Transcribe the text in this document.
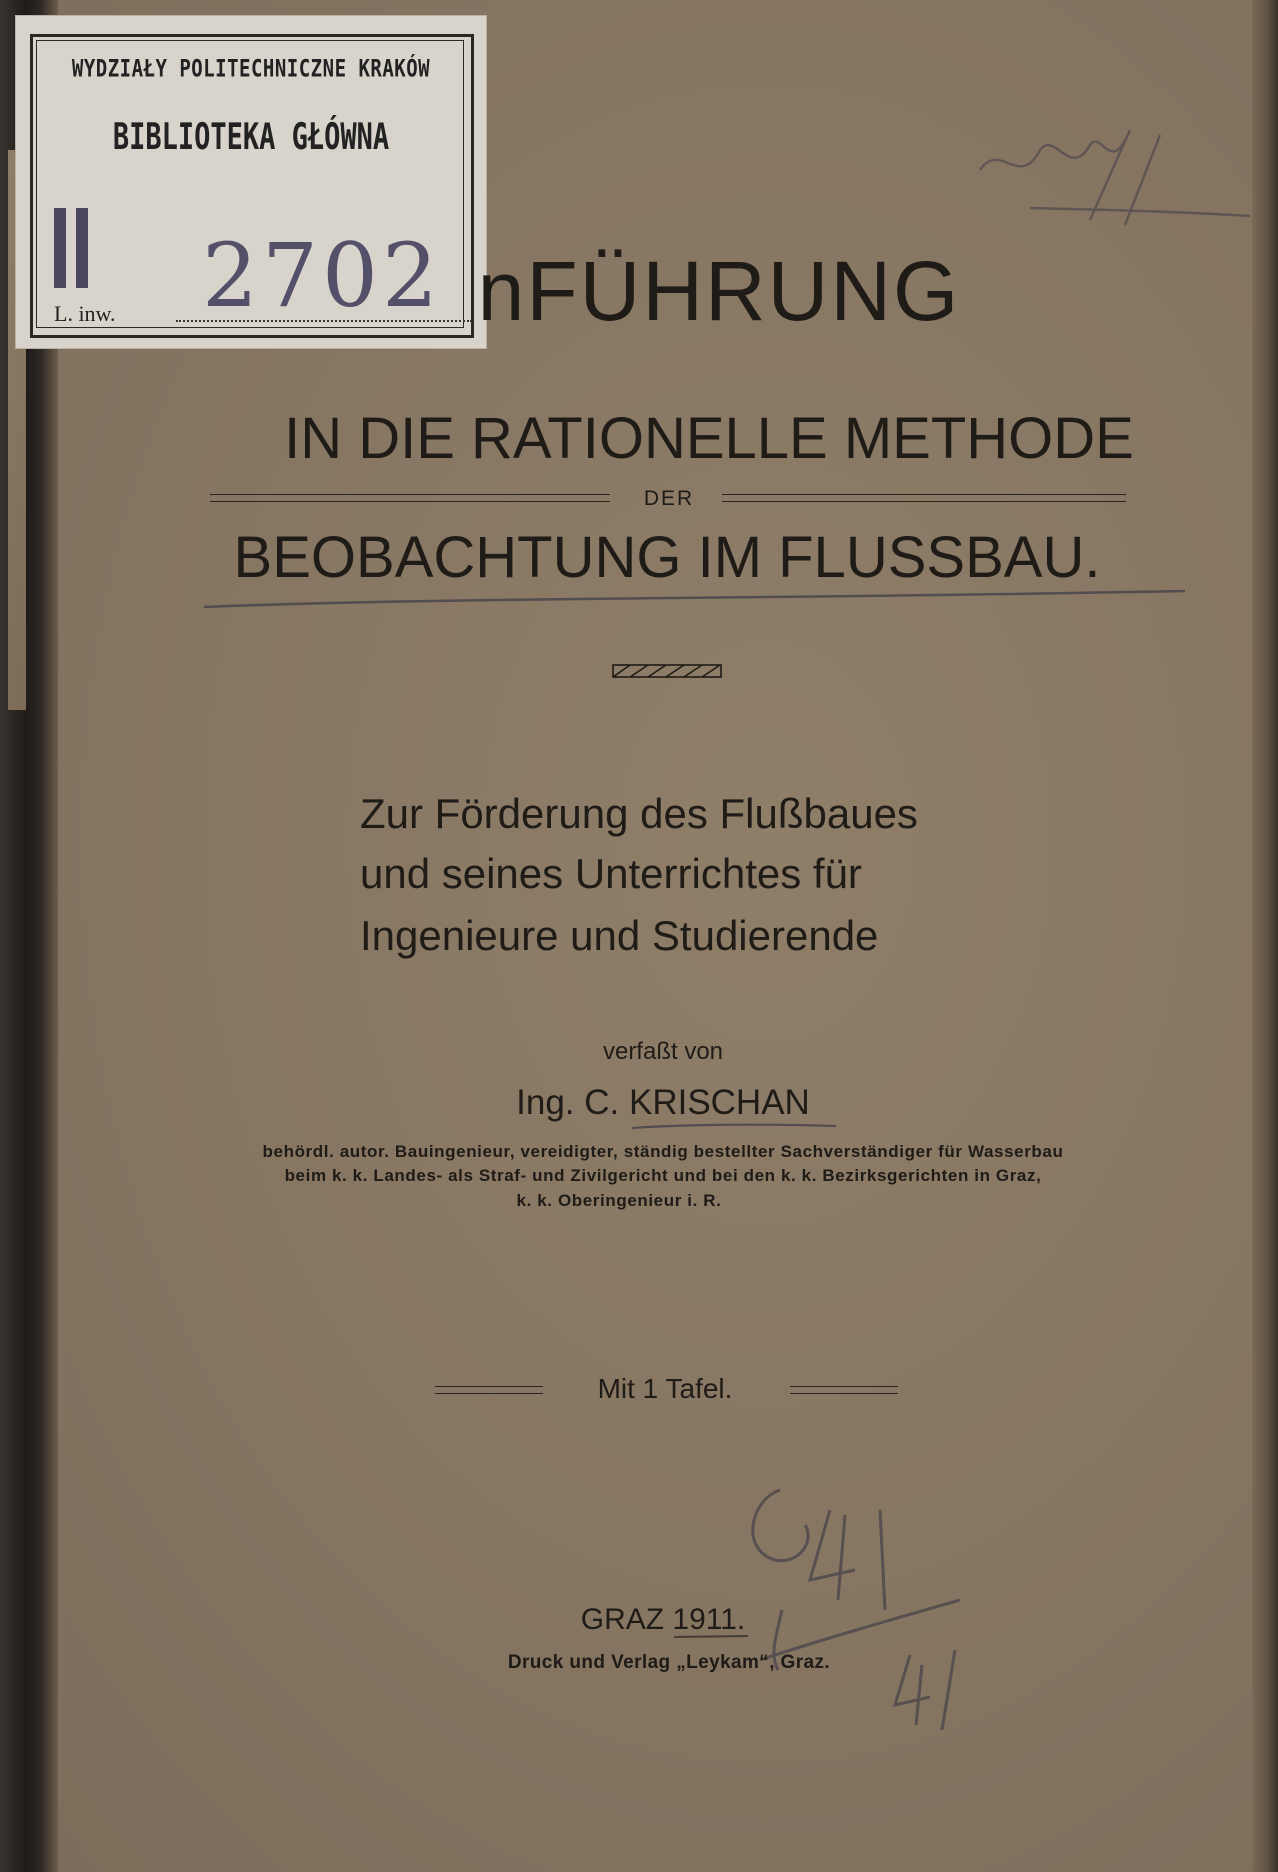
WYDZIAŁY POLITECHNICZNE KRAKÓW
BIBLIOTEKA GŁÓWNA
L. inw. 2702 nFÜHRUNG
IN DIE RATIONELLE METHODE
DER
BEOBACHTUNG IM FLUSSBAU.
Zur Förderung des Flußbaues
und seines Unterrichtes für
Ingenieure und Studierende
verfaßt von
Ing. C. KRISCHAN
behördl. autor. Bauingenieur, vereidigter, ständig bestellter Sachverständiger für Wasserbau
beim k. k. Landes- als Straf- und Zivilgericht und bei den k. k. Bezirksgerichten in Graz,
k. k. Oberingenieur i. R.
Mit 1 Tafel.
GRAZ 1911.
Druck und Verlag „Leykam“, Graz.
